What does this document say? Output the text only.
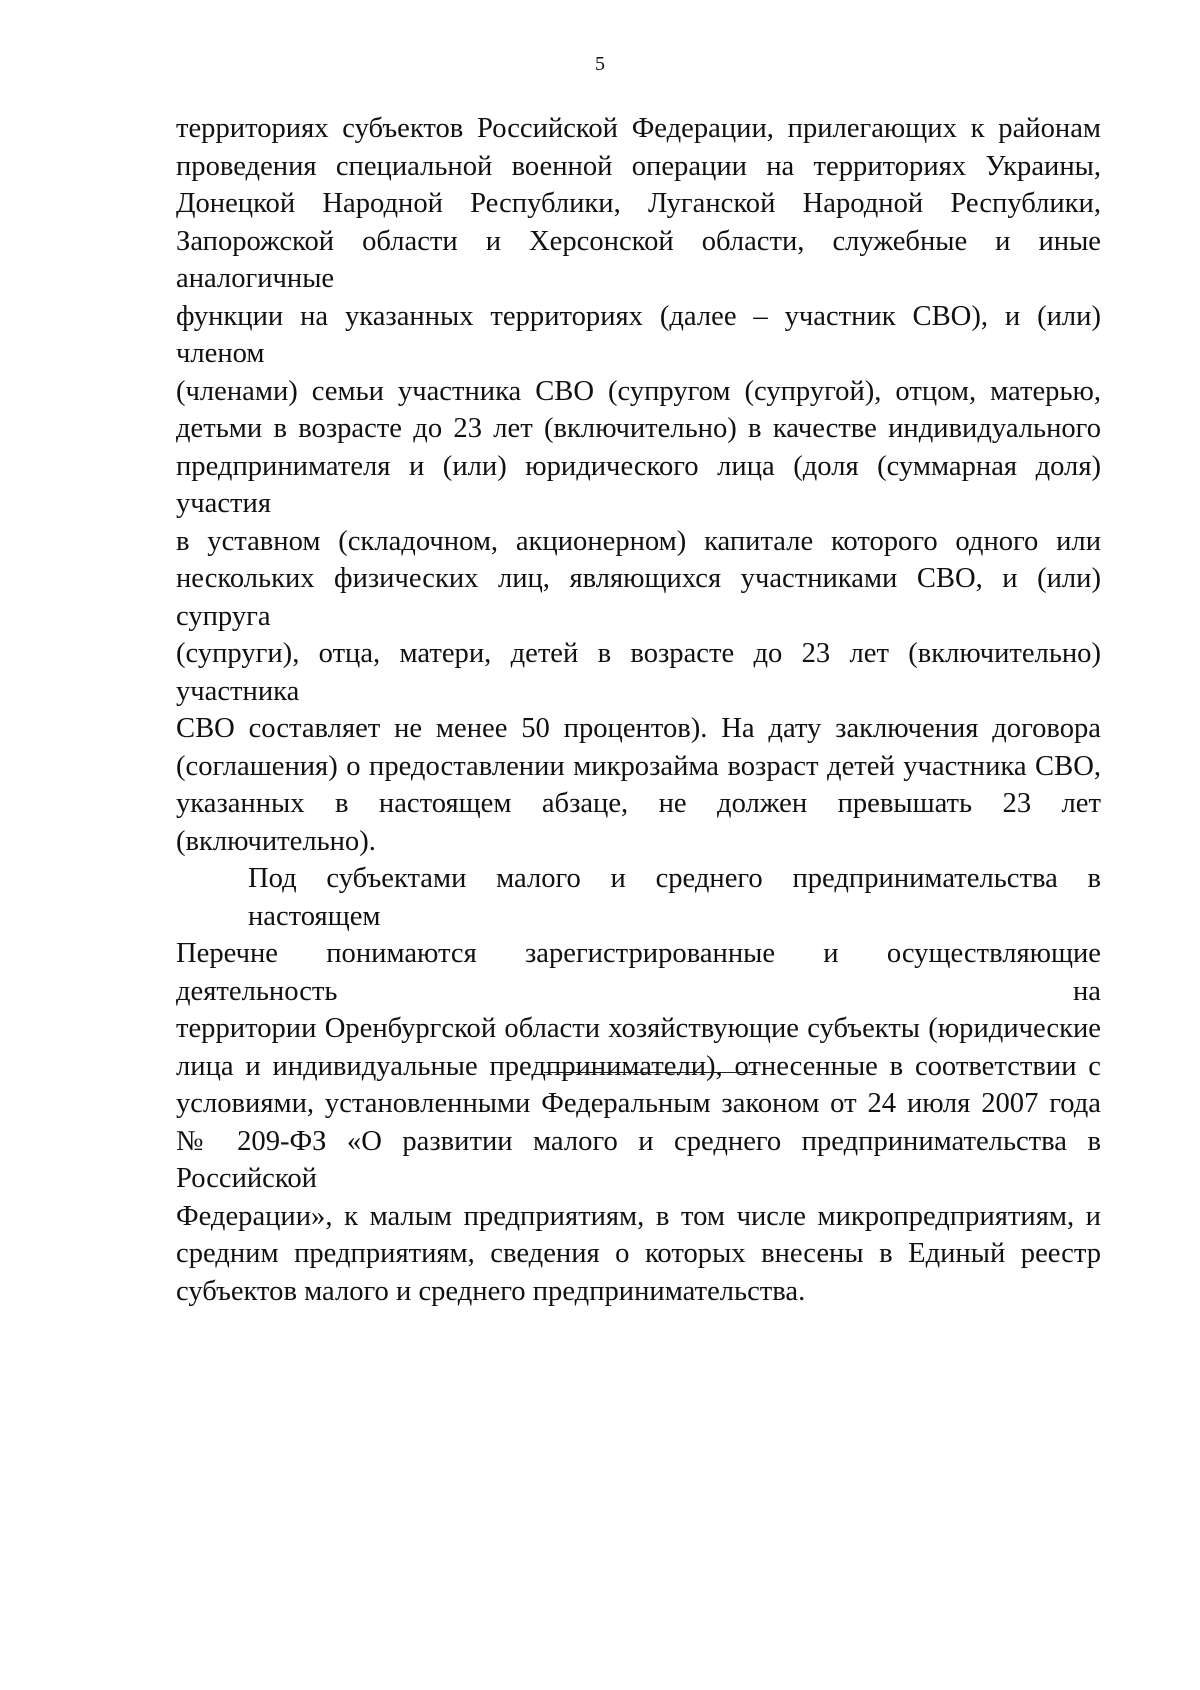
5

территориях субъектов Российской Федерации, прилегающих к районам
проведения специальной военной операции на территориях Украины,
Донецкой Народной Республики, Луганской Народной Республики,
Запорожской области и Херсонской области, служебные и иные аналогичные
функции на указанных территориях (далее – участник СВО), и (или) членом
(членами) семьи участника СВО (супругом (супругой), отцом, матерью,
детьми в возрасте до 23 лет (включительно) в качестве индивидуального
предпринимателя и (или) юридического лица (доля (суммарная доля) участия
в уставном (складочном, акционерном) капитале которого одного или
нескольких физических лиц, являющихся участниками СВО, и (или) супруга
(супруги), отца, матери, детей в возрасте до 23 лет (включительно) участника
СВО составляет не менее 50 процентов). На дату заключения договора
(соглашения) о предоставлении микрозайма возраст детей участника СВО,
указанных в настоящем абзаце, не должен превышать 23 лет (включительно).

Под субъектами малого и среднего предпринимательства в настоящем
Перечне понимаются зарегистрированные и осуществляющие деятельность на
территории Оренбургской области хозяйствующие субъекты (юридические
лица и индивидуальные предприниматели), отнесенные в соответствии с
условиями, установленными Федеральным законом от 24 июля 2007 года
№ 209-ФЗ «О развитии малого и среднего предпринимательства в Российской
Федерации», к малым предприятиям, в том числе микропредприятиям, и
средним предприятиям, сведения о которых внесены в Единый реестр
субъектов малого и среднего предпринимательства.
